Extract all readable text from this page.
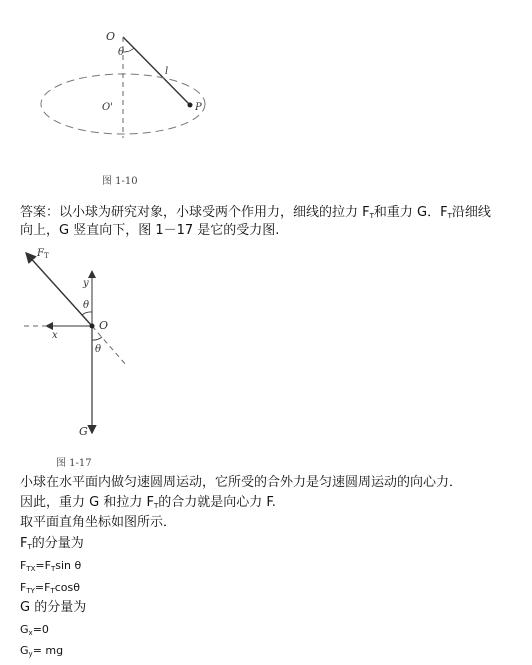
O
θ
l
O'	P
图 1-10
答案：以小球为研究对象，小球受两个作用力，细线的拉力 $F_T$和重力 G．$F_T$沿细线
向上，G 竖直向下，图 1－17 是它的受力图.
$F_T$
y
θ
O
x
θ
G
图 1-17
小球在水平面内做匀速圆周运动，它所受的合外力是匀速圆周运动的向心力．
因此，重力 G 和拉力 $F_T$的合力就是向心力 F.
取平面直角坐标如图所示．
$F_T$的分量为
$F_{TX}=F_T\sin$ θ
$F_{TY}=F_T\cos\theta$
G 的分量为
$G_x=0$
$G_y=$ mg
